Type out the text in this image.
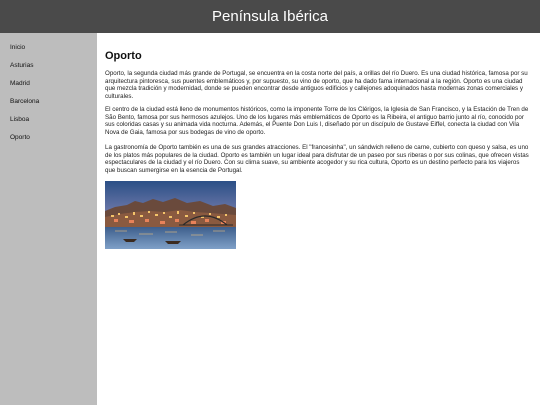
Península Ibérica
Inicio
Asturias
Madrid
Barcelona
Lisboa
Oporto
Oporto

Oporto, la segunda ciudad más grande de Portugal, se encuentra en la costa norte del país, a orillas del río Duero. Es una ciudad histórica, famosa por su arquitectura pintoresca, sus puentes emblemáticos y, por supuesto, su vino de oporto, que ha dado fama internacional a la región. Oporto es una ciudad que mezcla tradición y modernidad, donde se pueden encontrar desde antiguos edificios y callejones adoquinados hasta modernas zonas comerciales y culturales.

El centro de la ciudad está lleno de monumentos históricos, como la imponente Torre de los Clérigos, la Iglesia de San Francisco, y la Estación de Tren de São Bento, famosa por sus hermosos azulejos. Uno de los lugares más emblemáticos de Oporto es la Ribeira, el antiguo barrio junto al río, conocido por sus coloridas casas y su animada vida nocturna. Además, el Puente Don Luis I, diseñado por un discípulo de Gustave Eiffel, conecta la ciudad con Vila Nova de Gaia, famosa por sus bodegas de vino de oporto.

La gastronomía de Oporto también es una de sus grandes atracciones. El "francesinha", un sándwich relleno de carne, cubierto con queso y salsa, es uno de los platos más populares de la ciudad. Oporto es también un lugar ideal para disfrutar de un paseo por sus riberas o por sus colinas, que ofrecen vistas espectaculares de la ciudad y el río Duero. Con su clima suave, su ambiente acogedor y su rica cultura, Oporto es un destino perfecto para los viajeros que buscan sumergirse en la esencia de Portugal.
